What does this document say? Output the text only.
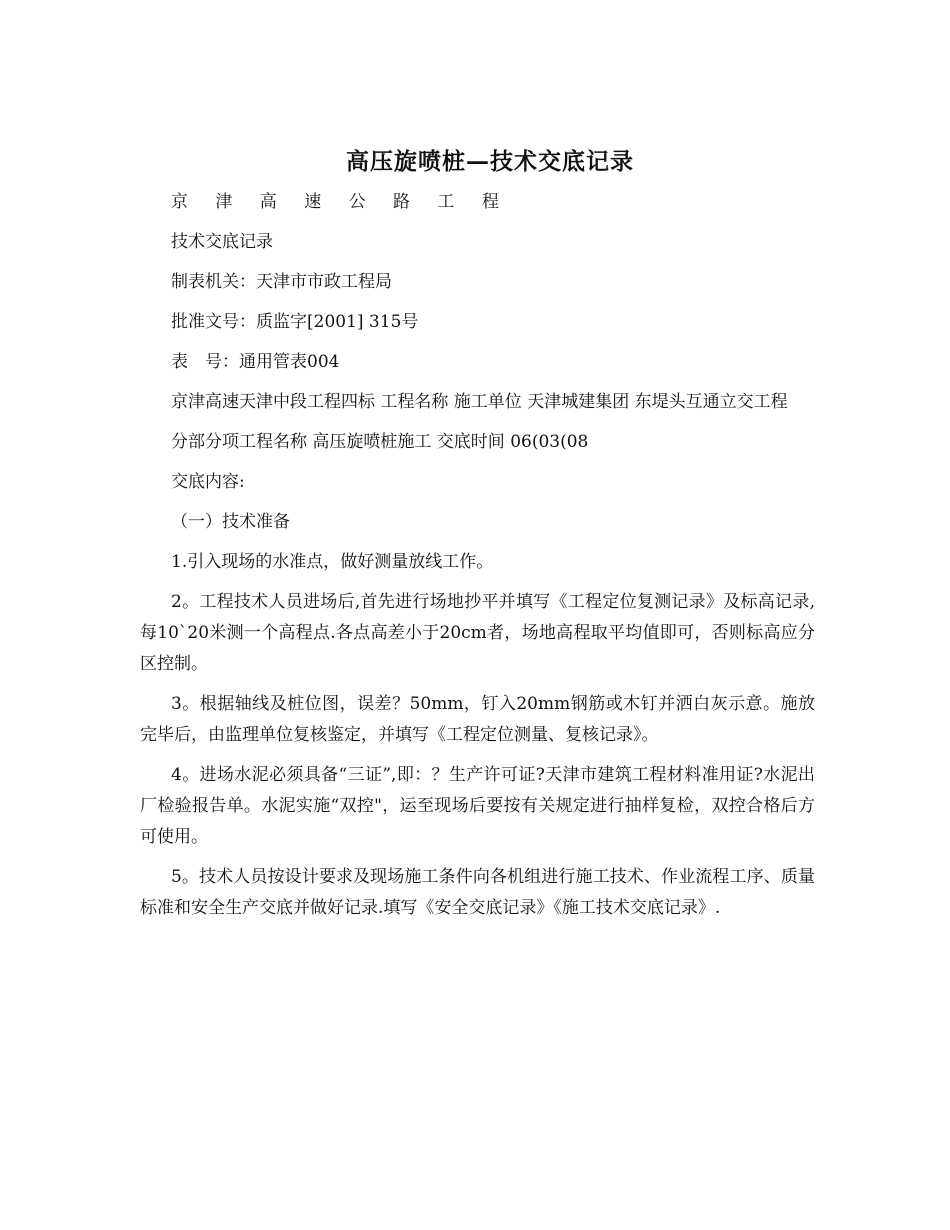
高压旋喷桩—技术交底记录

京 津 高 速 公 路 工 程

技术交底记录

制表机关：天津市市政工程局

批准文号：质监字[2001] 315号

表　号：通用管表004

京津高速天津中段工程四标 工程名称 施工单位 天津城建集团 东堤头互通立交工程

分部分项工程名称 高压旋喷桩施工 交底时间 06(03(08

交底内容:

（一）技术准备

1.引入现场的水准点，做好测量放线工作。

2。工程技术人员进场后,首先进行场地抄平并填写《工程定位复测记录》及标高记录,每10`20米测一个高程点.各点高差小于20cm者，场地高程取平均值即可，否则标高应分区控制。

3。根据轴线及桩位图，误差？50mm，钉入20mm钢筋或木钉并洒白灰示意。施放完毕后，由监理单位复核鉴定，并填写《工程定位测量、复核记录》。

4。进场水泥必须具备“三证”,即：？生产许可证?天津市建筑工程材料准用证?水泥出厂检验报告单。水泥实施“双控"，运至现场后要按有关规定进行抽样复检，双控合格后方可使用。

5。技术人员按设计要求及现场施工条件向各机组进行施工技术、作业流程工序、质量标准和安全生产交底并做好记录.填写《安全交底记录》《施工技术交底记录》.
